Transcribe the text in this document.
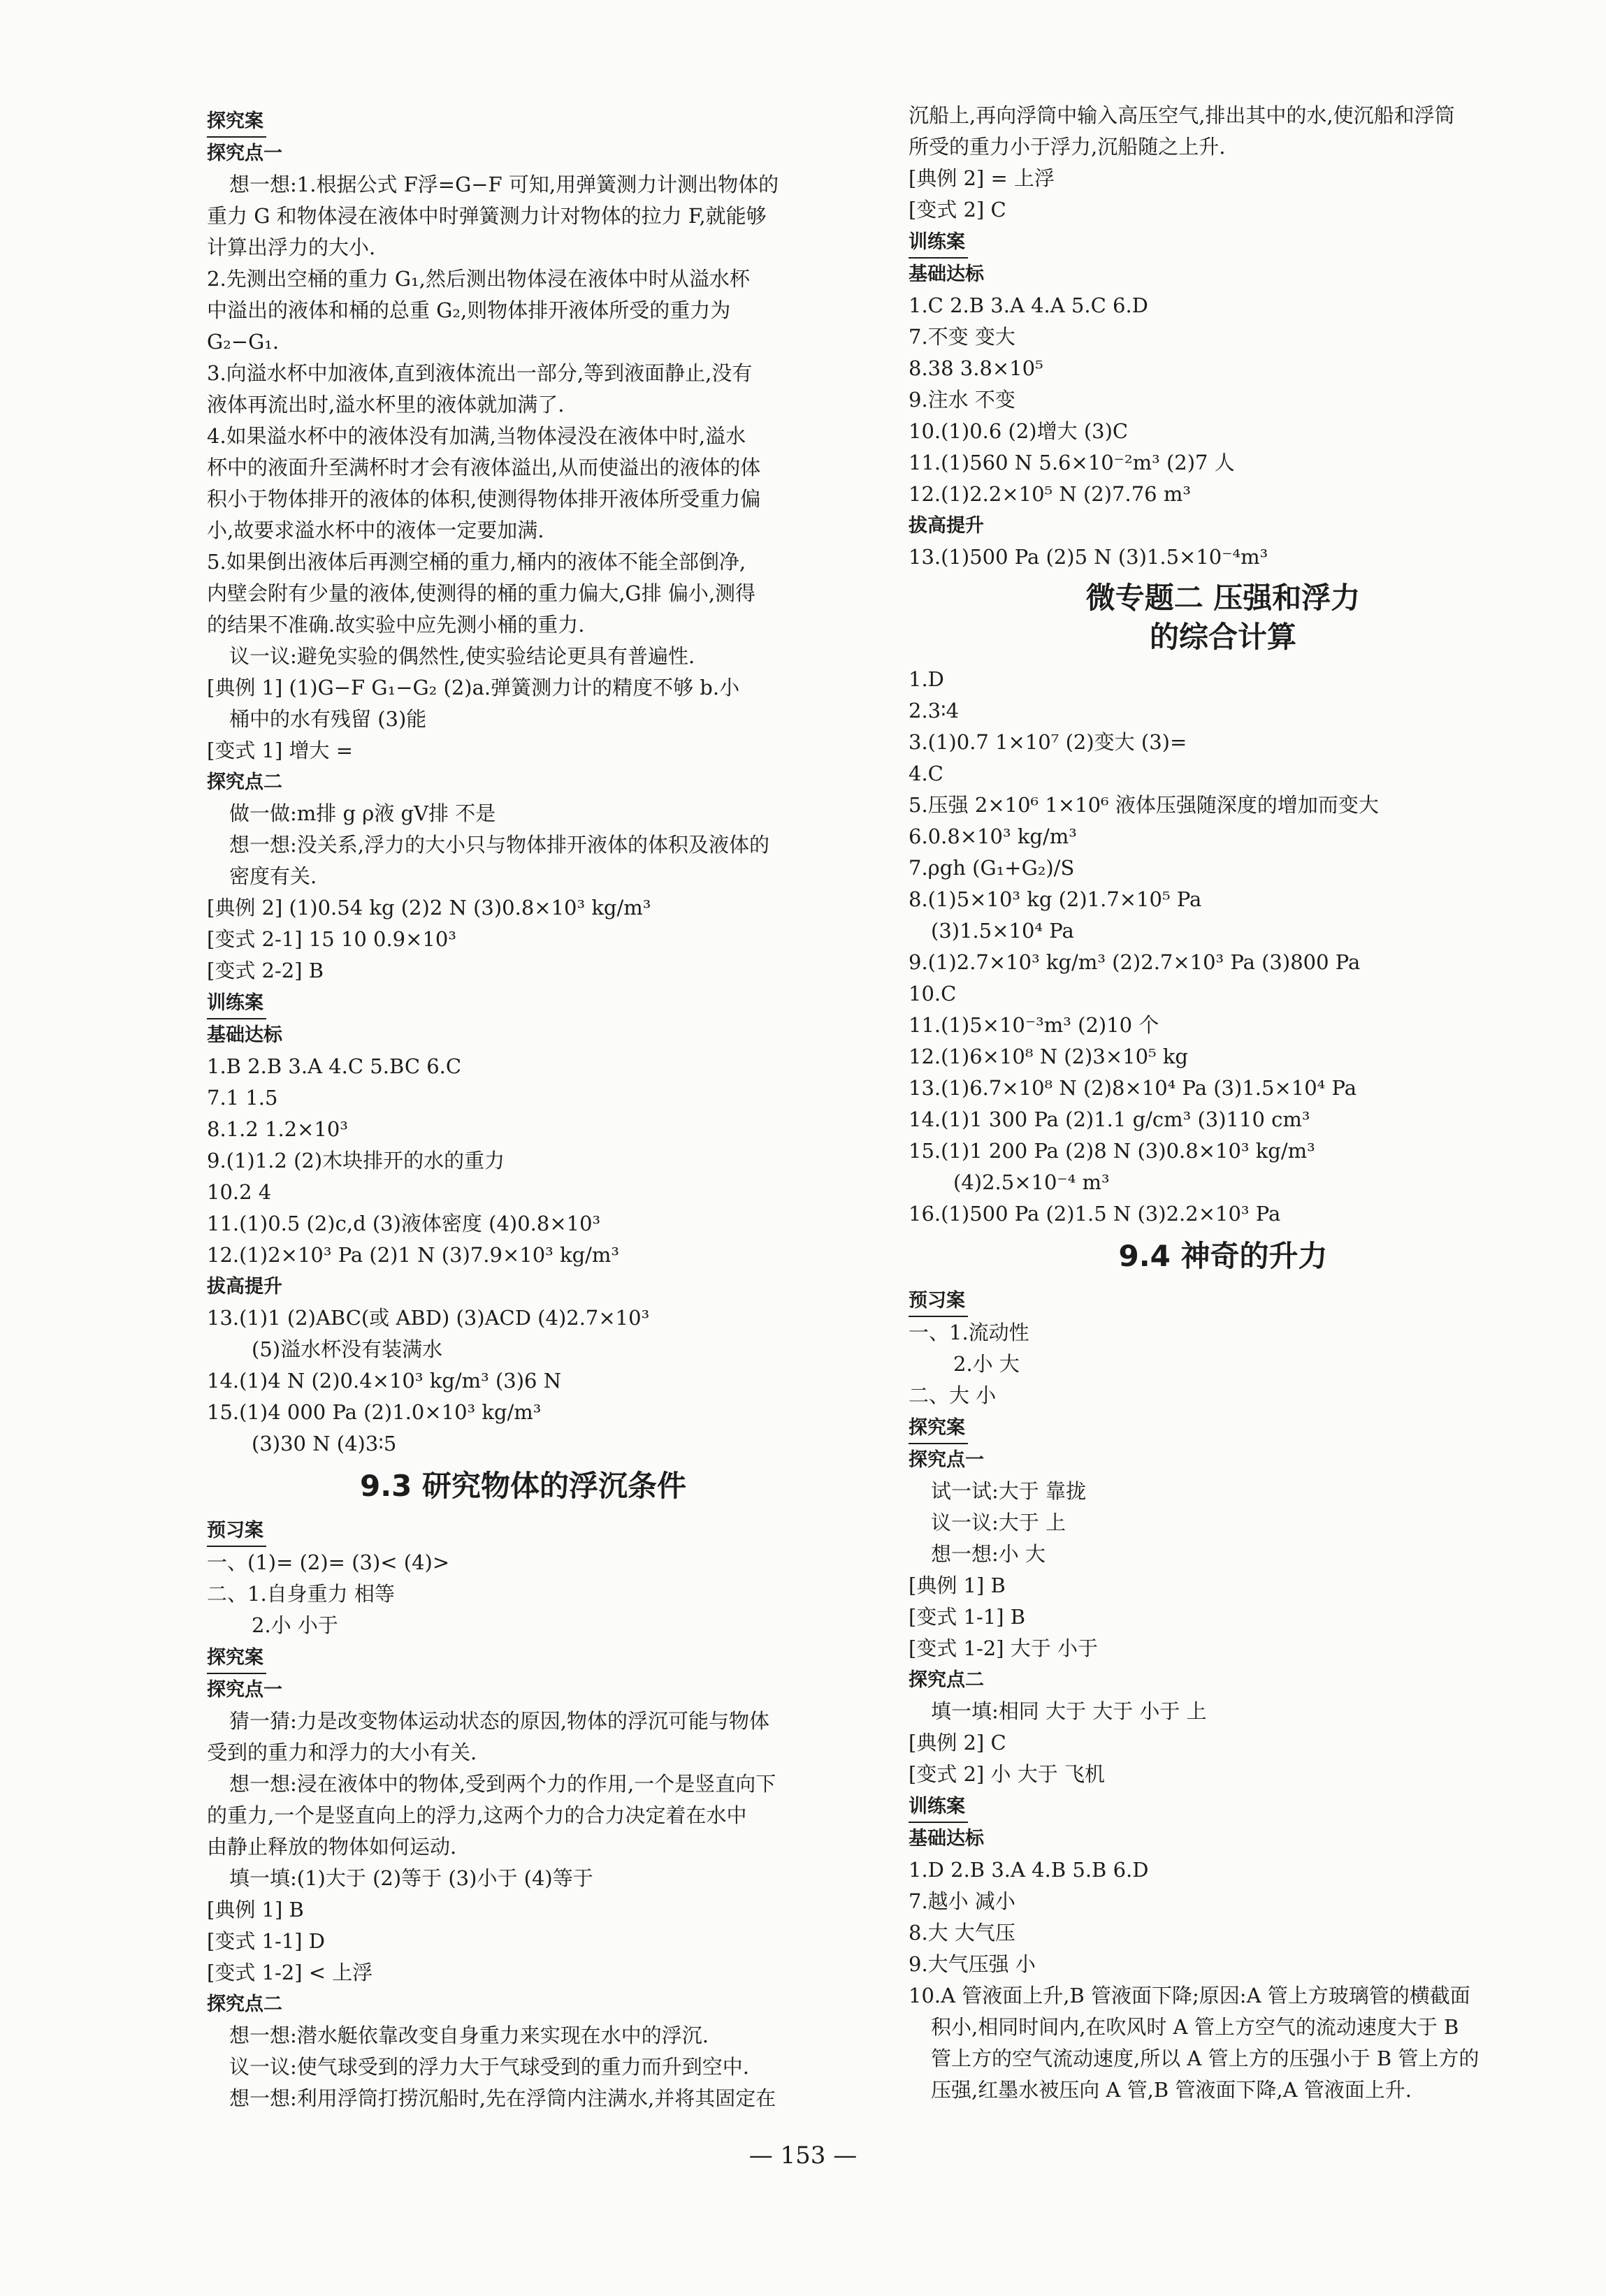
探究案
探究点一
想一想:1.根据公式 F浮=G−F 可知,用弹簧测力计测出物体的
重力 G 和物体浸在液体中时弹簧测力计对物体的拉力 F,就能够
计算出浮力的大小.
2.先测出空桶的重力 G₁,然后测出物体浸在液体中时从溢水杯
中溢出的液体和桶的总重 G₂,则物体排开液体所受的重力为
G₂−G₁.
3.向溢水杯中加液体,直到液体流出一部分,等到液面静止,没有
液体再流出时,溢水杯里的液体就加满了.
4.如果溢水杯中的液体没有加满,当物体浸没在液体中时,溢水
杯中的液面升至满杯时才会有液体溢出,从而使溢出的液体的体
积小于物体排开的液体的体积,使测得物体排开液体所受重力偏
小,故要求溢水杯中的液体一定要加满.
5.如果倒出液体后再测空桶的重力,桶内的液体不能全部倒净,
内壁会附有少量的液体,使测得的桶的重力偏大,G排 偏小,测得
的结果不准确.故实验中应先测小桶的重力.
议一议:避免实验的偶然性,使实验结论更具有普遍性.
[典例 1] (1)G−F G₁−G₂ (2)a.弹簧测力计的精度不够 b.小
桶中的水有残留 (3)能
[变式 1] 增大 =
探究点二
做一做:m排 g ρ液 gV排 不是
想一想:没关系,浮力的大小只与物体排开液体的体积及液体的
密度有关.
[典例 2] (1)0.54 kg (2)2 N (3)0.8×10³ kg/m³
[变式 2-1] 15 10 0.9×10³
[变式 2-2] B
训练案
基础达标
1.B 2.B 3.A 4.C 5.BC 6.C
7.1 1.5
8.1.2 1.2×10³
9.(1)1.2 (2)木块排开的水的重力
10.2 4
11.(1)0.5 (2)c,d (3)液体密度 (4)0.8×10³
12.(1)2×10³ Pa (2)1 N (3)7.9×10³ kg/m³
拔高提升
13.(1)1 (2)ABC(或 ABD) (3)ACD (4)2.7×10³
(5)溢水杯没有装满水
14.(1)4 N (2)0.4×10³ kg/m³ (3)6 N
15.(1)4 000 Pa (2)1.0×10³ kg/m³
(3)30 N (4)3∶5
9.3 研究物体的浮沉条件
预习案
一、(1)= (2)= (3)< (4)>
二、1.自身重力 相等
2.小 小于
探究案
探究点一
猜一猜:力是改变物体运动状态的原因,物体的浮沉可能与物体
受到的重力和浮力的大小有关.
想一想:浸在液体中的物体,受到两个力的作用,一个是竖直向下
的重力,一个是竖直向上的浮力,这两个力的合力决定着在水中
由静止释放的物体如何运动.
填一填:(1)大于 (2)等于 (3)小于 (4)等于
[典例 1] B
[变式 1-1] D
[变式 1-2] < 上浮
探究点二
想一想:潜水艇依靠改变自身重力来实现在水中的浮沉.
议一议:使气球受到的浮力大于气球受到的重力而升到空中.
想一想:利用浮筒打捞沉船时,先在浮筒内注满水,并将其固定在
沉船上,再向浮筒中输入高压空气,排出其中的水,使沉船和浮筒
所受的重力小于浮力,沉船随之上升.
[典例 2] = 上浮
[变式 2] C
训练案
基础达标
1.C 2.B 3.A 4.A 5.C 6.D
7.不变 变大
8.38 3.8×10⁵
9.注水 不变
10.(1)0.6 (2)增大 (3)C
11.(1)560 N 5.6×10⁻²m³ (2)7 人
12.(1)2.2×10⁵ N (2)7.76 m³
拔高提升
13.(1)500 Pa (2)5 N (3)1.5×10⁻⁴m³
微专题二 压强和浮力
的综合计算
1.D
2.3∶4
3.(1)0.7 1×10⁷ (2)变大 (3)=
4.C
5.压强 2×10⁶ 1×10⁶ 液体压强随深度的增加而变大
6.0.8×10³ kg/m³
7.ρgh (G₁+G₂)/S
8.(1)5×10³ kg (2)1.7×10⁵ Pa
(3)1.5×10⁴ Pa
9.(1)2.7×10³ kg/m³ (2)2.7×10³ Pa (3)800 Pa
10.C
11.(1)5×10⁻³m³ (2)10 个
12.(1)6×10⁸ N (2)3×10⁵ kg
13.(1)6.7×10⁸ N (2)8×10⁴ Pa (3)1.5×10⁴ Pa
14.(1)1 300 Pa (2)1.1 g/cm³ (3)110 cm³
15.(1)1 200 Pa (2)8 N (3)0.8×10³ kg/m³
(4)2.5×10⁻⁴ m³
16.(1)500 Pa (2)1.5 N (3)2.2×10³ Pa
9.4 神奇的升力
预习案
一、1.流动性
2.小 大
二、大 小
探究案
探究点一
试一试:大于 靠拢
议一议:大于 上
想一想:小 大
[典例 1] B
[变式 1-1] B
[变式 1-2] 大于 小于
探究点二
填一填:相同 大于 大于 小于 上
[典例 2] C
[变式 2] 小 大于 飞机
训练案
基础达标
1.D 2.B 3.A 4.B 5.B 6.D
7.越小 减小
8.大 大气压
9.大气压强 小
10.A 管液面上升,B 管液面下降;原因:A 管上方玻璃管的横截面
积小,相同时间内,在吹风时 A 管上方空气的流动速度大于 B
管上方的空气流动速度,所以 A 管上方的压强小于 B 管上方的
压强,红墨水被压向 A 管,B 管液面下降,A 管液面上升.
— 153 —
